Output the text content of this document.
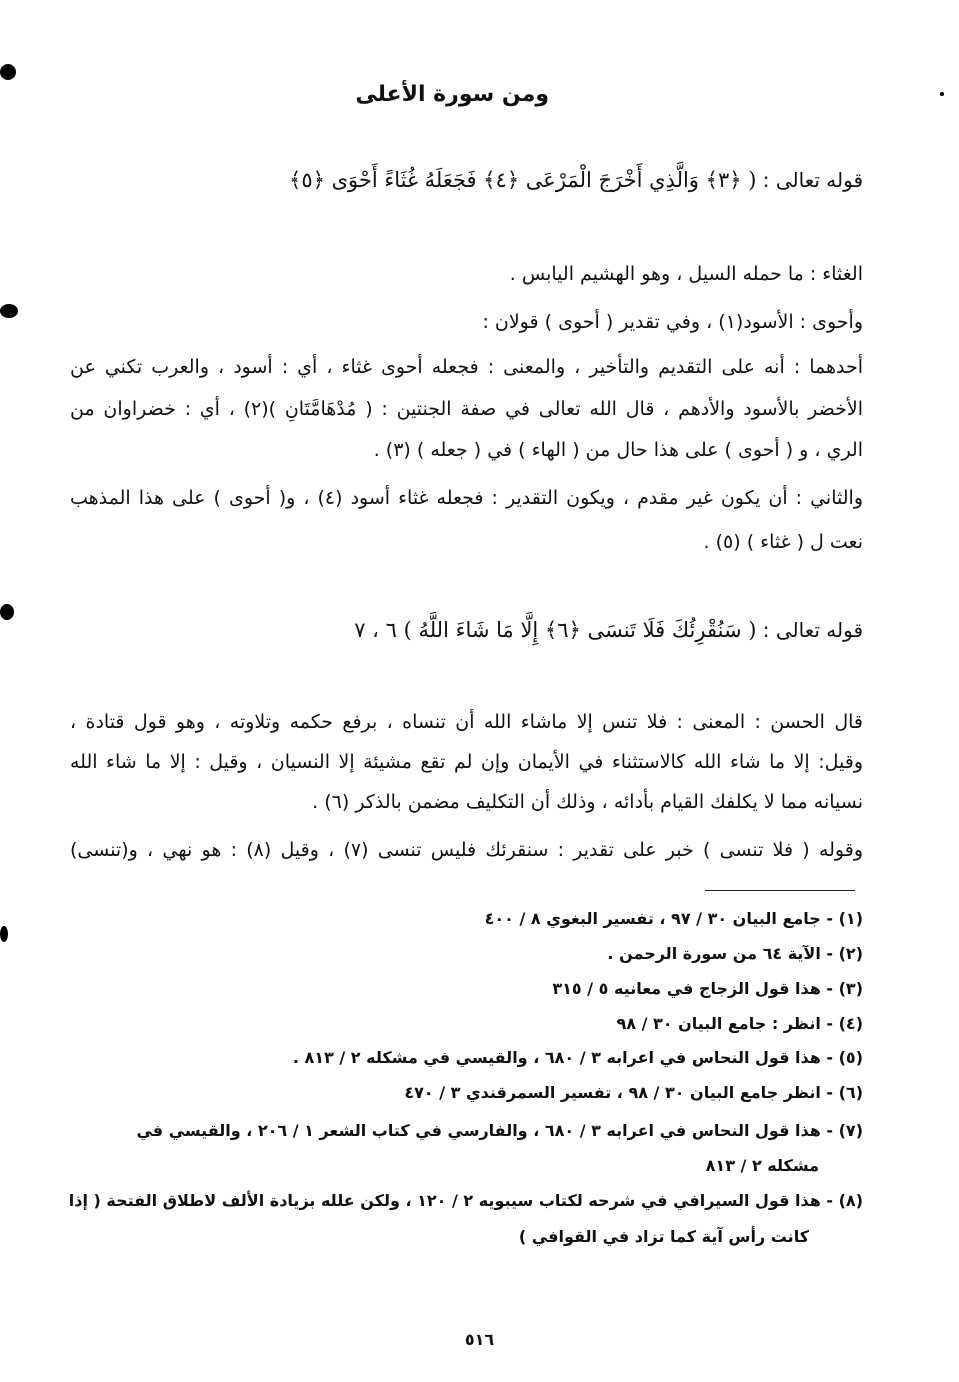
ومن سورة الأعلى
قوله تعالى : ( ﴿٣﴾ وَالَّذِي أَخْرَجَ الْمَرْعَى ﴿٤﴾ فَجَعَلَهُ غُثَاءً أَحْوَى ﴿٥﴾
الغثاء : ما حمله السيل ، وهو الهشيم اليابس .
وأحوى : الأسود(١) ، وفي تقدير ( أحوى ) قولان :
أحدهما : أنه على التقديم والتأخير ، والمعنى : فجعله أحوى غثاء ، أي : أسود ، والعرب تكني عن
الأخضر بالأسود والأدهم ، قال الله تعالى في صفة الجنتين : ( مُدْهَامَّتَانِ )(٢) ، أي : خضراوان من
الري ، و ( أحوى ) على هذا حال من ( الهاء ) في ( جعله ) (٣) .
والثاني : أن يكون غير مقدم ، ويكون التقدير : فجعله غثاء أسود (٤) ، و( أحوى ) على هذا المذهب
نعت ل ( غثاء ) (٥) .
قوله تعالى : ( سَنُقْرِئُكَ فَلَا تَنسَى ﴿٦﴾ إِلَّا مَا شَاءَ اللَّهُ ) ٦ ، ٧
قال الحسن : المعنى : فلا تنس إلا ماشاء الله أن تنساه ، برفع حكمه وتلاوته ، وهو قول قتادة ،
وقيل: إلا ما شاء الله كالاستثناء في الأيمان وإن لم تقع مشيئة إلا النسيان ، وقيل : إلا ما شاء الله
نسيانه مما لا يكلفك القيام بأدائه ، وذلك أن التكليف مضمن بالذكر (٦) .
وقوله ( فلا تنسى ) خبر على تقدير : سنقرئك فليس تنسى (٧) ، وقيل (٨) : هو نهي ، و(تنسى)
(١) - جامع البيان ٣٠ / ٩٧ ، تفسير البغوي ٨ / ٤٠٠
(٢) - الآية ٦٤ من سورة الرحمن .
(٣) - هذا قول الزجاج في معانيه ٥ / ٣١٥
(٤) - انظر : جامع البيان ٣٠ / ٩٨
(٥) - هذا قول النحاس في اعرابه ٣ / ٦٨٠ ، والقيسي في مشكله ٢ / ٨١٣ .
(٦) - انظر جامع البيان ٣٠ / ٩٨ ، تفسير السمرقندي ٣ / ٤٧٠
(٧) - هذا قول النحاس في اعرابه ٣ / ٦٨٠ ، والفارسي في كتاب الشعر ١ / ٢٠٦ ، والقيسي في
مشكله ٢ / ٨١٣
(٨) - هذا قول السيرافي في شرحه لكتاب سيبويه ٢ / ١٢٠ ، ولكن علله بزيادة الألف لاطلاق الفتحة ( إذا
كانت رأس آية كما تزاد في القوافي )
٥١٦
